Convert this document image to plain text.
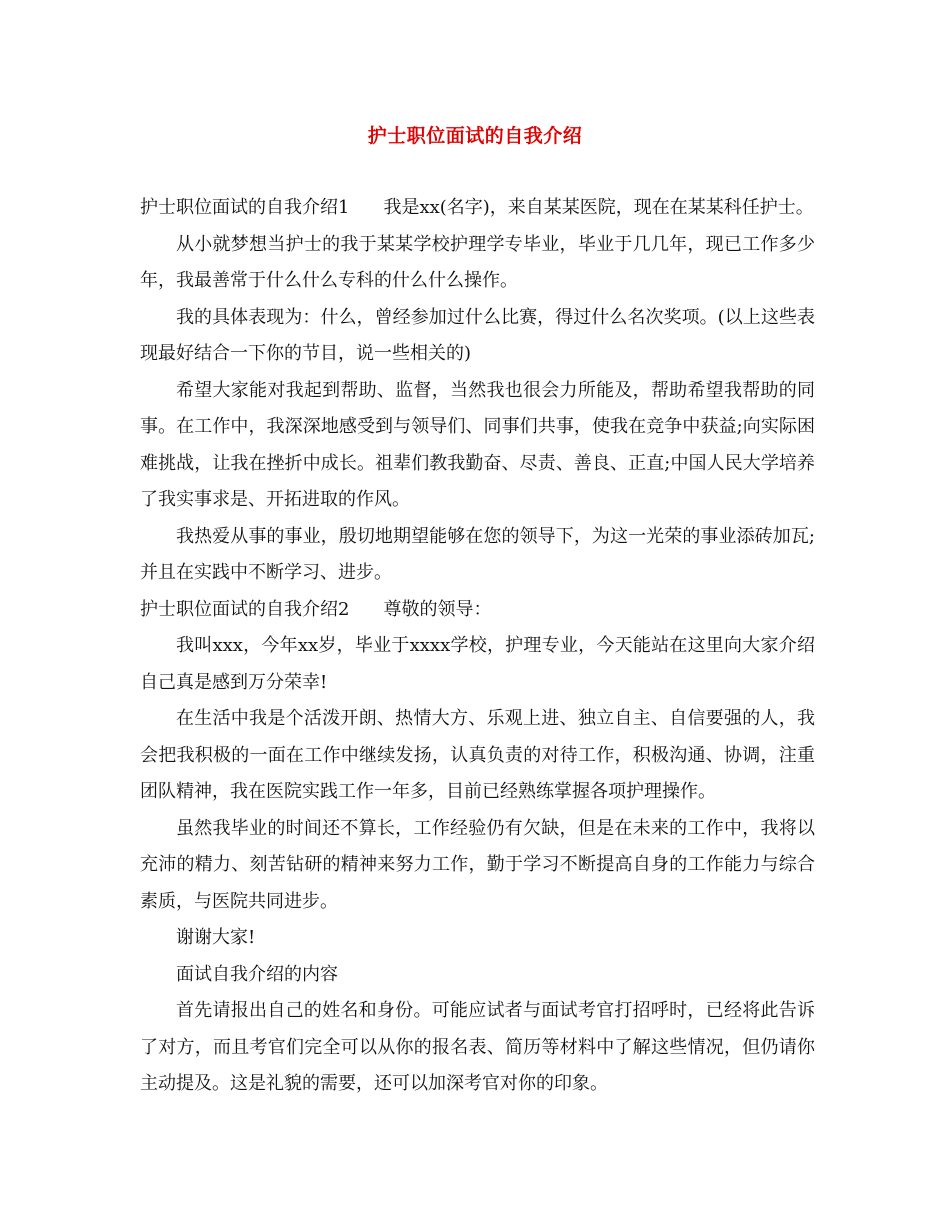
护士职位面试的自我介绍

护士职位面试的自我介绍1 我是xx(名字)，来自某某医院，现在在某某科任护士。

从小就梦想当护士的我于某某学校护理学专毕业，毕业于几几年，现已工作多少年，我最善常于什么什么专科的什么什么操作。

我的具体表现为：什么，曾经参加过什么比赛，得过什么名次奖项。(以上这些表现最好结合一下你的节目，说一些相关的)

希望大家能对我起到帮助、监督，当然我也很会力所能及，帮助希望我帮助的同事。在工作中，我深深地感受到与领导们、同事们共事，使我在竞争中获益;向实际困难挑战，让我在挫折中成长。祖辈们教我勤奋、尽责、善良、正直;中国人民大学培养了我实事求是、开拓进取的作风。

我热爱从事的事业，殷切地期望能够在您的领导下，为这一光荣的事业添砖加瓦;并且在实践中不断学习、进步。

护士职位面试的自我介绍2 尊敬的领导：

我叫xxx，今年xx岁，毕业于xxxx学校，护理专业，今天能站在这里向大家介绍自己真是感到万分荣幸!

在生活中我是个活泼开朗、热情大方、乐观上进、独立自主、自信要强的人，我会把我积极的一面在工作中继续发扬，认真负责的对待工作，积极沟通、协调，注重团队精神，我在医院实践工作一年多，目前已经熟练掌握各项护理操作。

虽然我毕业的时间还不算长，工作经验仍有欠缺，但是在未来的工作中，我将以充沛的精力、刻苦钻研的精神来努力工作，勤于学习不断提高自身的工作能力与综合素质，与医院共同进步。

谢谢大家!

面试自我介绍的内容

首先请报出自己的姓名和身份。可能应试者与面试考官打招呼时，已经将此告诉了对方，而且考官们完全可以从你的报名表、简历等材料中了解这些情况，但仍请你主动提及。这是礼貌的需要，还可以加深考官对你的印象。
